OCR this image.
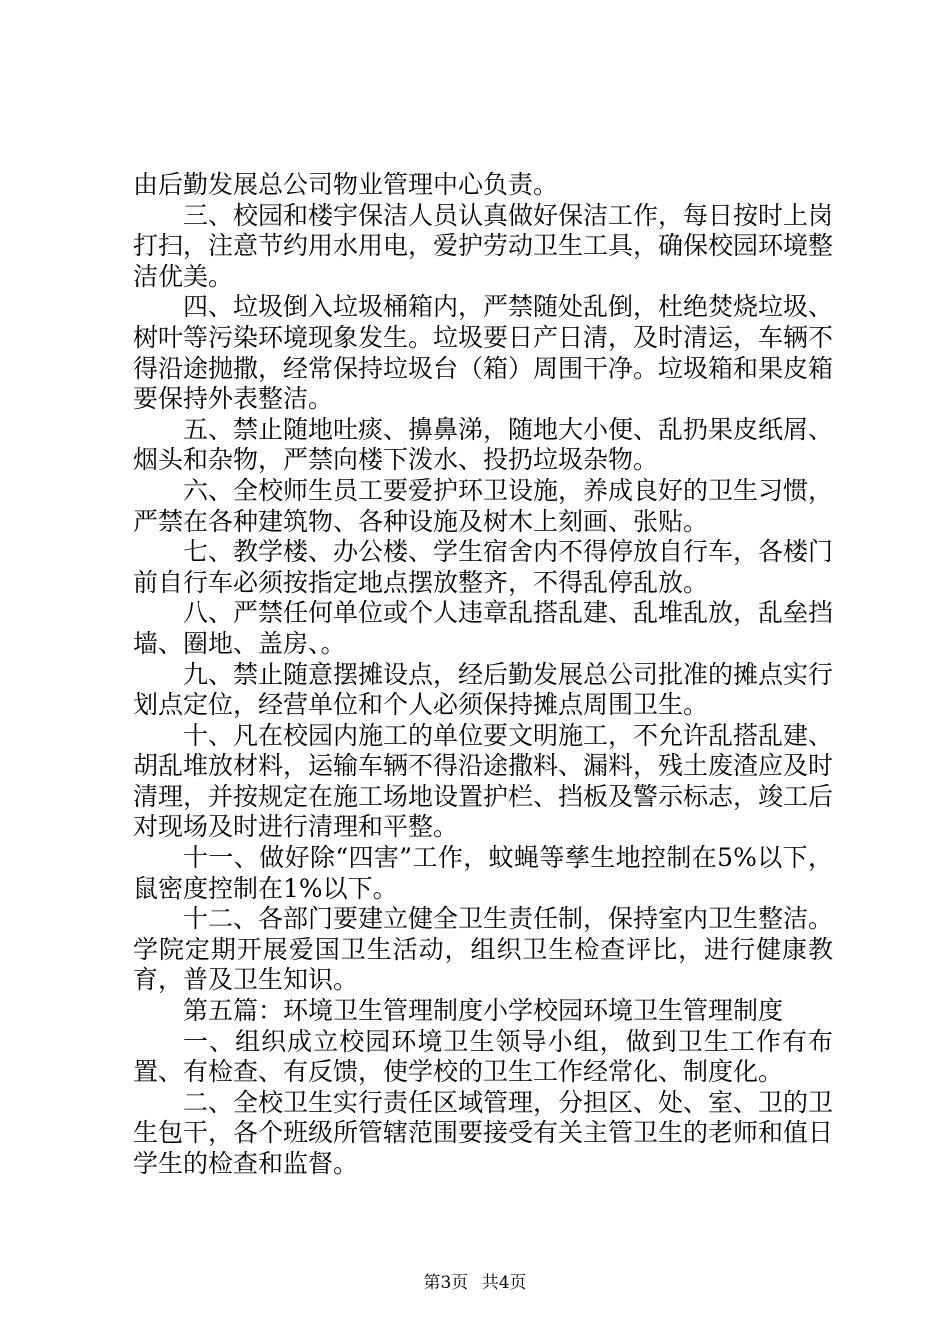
由后勤发展总公司物业管理中心负责。

三、校园和楼宇保洁人员认真做好保洁工作，每日按时上岗打扫，注意节约用水用电，爱护劳动卫生工具，确保校园环境整洁优美。

四、垃圾倒入垃圾桶箱内，严禁随处乱倒，杜绝焚烧垃圾、树叶等污染环境现象发生。垃圾要日产日清，及时清运，车辆不得沿途抛撒，经常保持垃圾台（箱）周围干净。垃圾箱和果皮箱要保持外表整洁。

五、禁止随地吐痰、擤鼻涕，随地大小便、乱扔果皮纸屑、烟头和杂物，严禁向楼下泼水、投扔垃圾杂物。

六、全校师生员工要爱护环卫设施，养成良好的卫生习惯，严禁在各种建筑物、各种设施及树木上刻画、张贴。

七、教学楼、办公楼、学生宿舍内不得停放自行车，各楼门前自行车必须按指定地点摆放整齐，不得乱停乱放。

八、严禁任何单位或个人违章乱搭乱建、乱堆乱放，乱垒挡墙、圈地、盖房、。

九、禁止随意摆摊设点，经后勤发展总公司批准的摊点实行划点定位，经营单位和个人必须保持摊点周围卫生。

十、凡在校园内施工的单位要文明施工，不允许乱搭乱建、胡乱堆放材料，运输车辆不得沿途撒料、漏料，残土废渣应及时清理，并按规定在施工场地设置护栏、挡板及警示标志，竣工后对现场及时进行清理和平整。

十一、做好除“四害”工作，蚊蝇等孳生地控制在5%以下，鼠密度控制在1%以下。

十二、各部门要建立健全卫生责任制，保持室内卫生整洁。学院定期开展爱国卫生活动，组织卫生检查评比，进行健康教育，普及卫生知识。

第五篇：环境卫生管理制度小学校园环境卫生管理制度

一、组织成立校园环境卫生领导小组，做到卫生工作有布置、有检查、有反馈，使学校的卫生工作经常化、制度化。

二、全校卫生实行责任区域管理，分担区、处、室、卫的卫生包干，各个班级所管辖范围要接受有关主管卫生的老师和值日学生的检查和监督。

第3页 共4页
